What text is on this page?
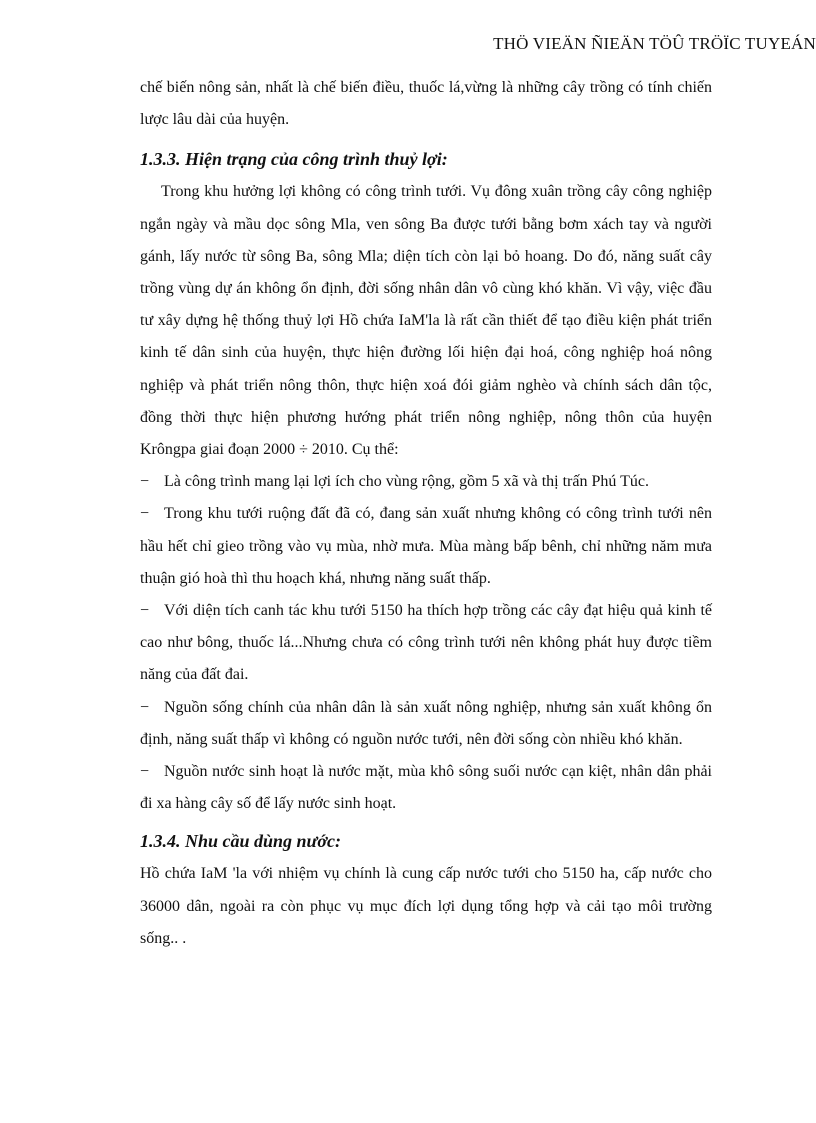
THÖ VIEÄN ÑIEÄN TÖÛ TRÖÏC TUYEÁN

chế biến nông sản, nhất là chế biến điều, thuốc lá,vừng là những cây trồng có tính chiến lược lâu dài của huyện.

1.3.3. Hiện trạng của công trình thuỷ lợi:

Trong khu hưởng lợi không có công trình tưới. Vụ đông xuân trồng cây công nghiệp ngắn ngày và mầu dọc sông Mla, ven sông Ba được tưới bằng bơm xách tay và người gánh, lấy nước từ sông Ba, sông Mla; diện tích còn lại bỏ hoang. Do đó, năng suất cây trồng vùng dự án không ổn định, đời sống nhân dân vô cùng khó khăn. Vì vậy, việc đầu tư xây dựng hệ thống thuỷ lợi Hồ chứa IaM'la là rất cần thiết để tạo điều kiện phát triển kinh tế dân sinh của huyện, thực hiện đường lối hiện đại hoá, công nghiệp hoá nông nghiệp và phát triển nông thôn, thực hiện xoá đói giảm nghèo và chính sách dân tộc, đồng thời thực hiện phương hướng phát triển nông nghiệp, nông thôn của huyện Krôngpa giai đoạn 2000 ÷ 2010. Cụ thể:

− Là công trình mang lại lợi ích cho vùng rộng, gồm 5 xã và thị trấn Phú Túc.

− Trong khu tưới ruộng đất đã có, đang sản xuất nhưng không có công trình tưới nên hầu hết chỉ gieo trồng vào vụ mùa, nhờ mưa. Mùa màng bấp bênh, chỉ những năm mưa thuận gió hoà thì thu hoạch khá, nhưng năng suất thấp.

− Với diện tích canh tác khu tưới 5150 ha thích hợp trồng các cây đạt hiệu quả kinh tế cao như bông, thuốc lá...Nhưng chưa có công trình tưới nên không phát huy được tiềm năng của đất đai.

− Nguồn sống chính của nhân dân là sản xuất nông nghiệp, nhưng sản xuất không ổn định, năng suất thấp vì không có nguồn nước tưới, nên đời sống còn nhiều khó khăn.

− Nguồn nước sinh hoạt là nước mặt, mùa khô sông suối nước cạn kiệt, nhân dân phải đi xa hàng cây số để lấy nước sinh hoạt.

1.3.4. Nhu cầu dùng nước:

Hồ chứa IaM 'la với nhiệm vụ chính là cung cấp nước tưới cho 5150 ha, cấp nước cho 36000 dân, ngoài ra còn phục vụ mục đích lợi dụng tổng hợp và cải tạo môi trường sống.. .
